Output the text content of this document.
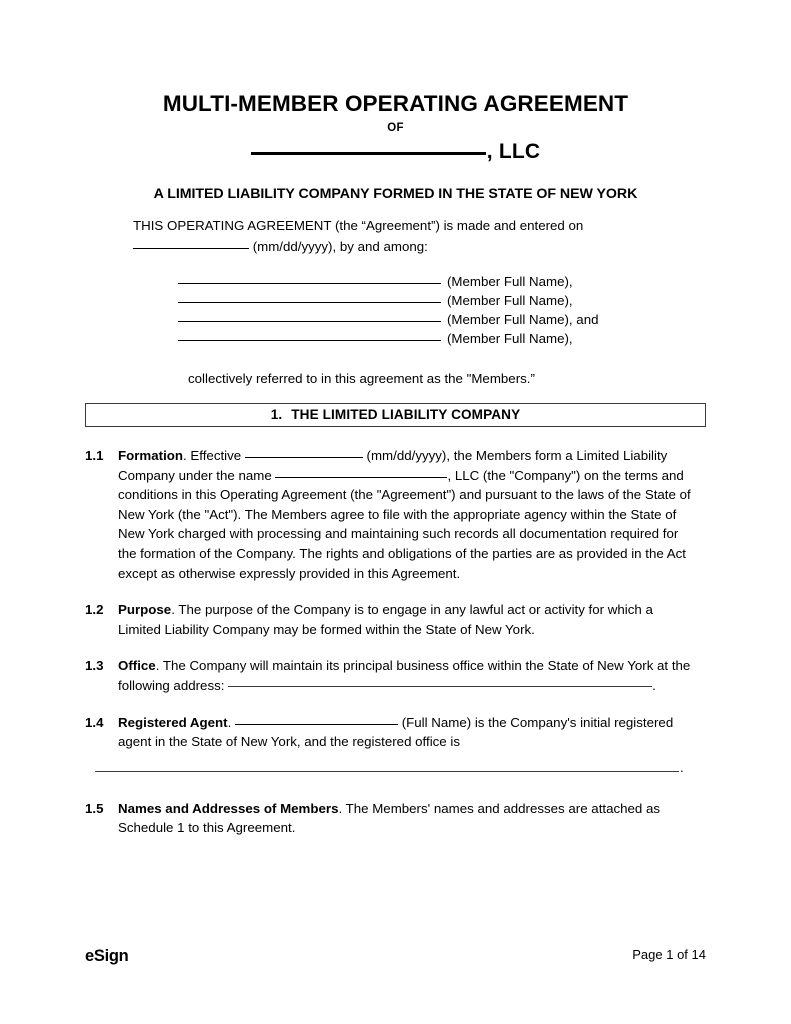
MULTI-MEMBER OPERATING AGREEMENT

OF

, LLC

A LIMITED LIABILITY COMPANY FORMED IN THE STATE OF NEW YORK

THIS OPERATING AGREEMENT (the “Agreement”) is made and entered on
(mm/dd/yyyy), by and among:
(Member Full Name),
(Member Full Name),
(Member Full Name), and
(Member Full Name),
collectively referred to in this agreement as the "Members.”
1. THE LIMITED LIABILITY COMPANY
1.1 Formation. Effective	(mm/dd/yyyy), the Members form a Limited Liability Company under the name	, LLC (the "Company") on the terms and conditions in this Operating Agreement (the "Agreement") and pursuant to the laws of the State of New York (the "Act"). The Members agree to file with the appropriate agency within the State of New York charged with processing and maintaining such records all documentation required for the formation of the Company. The rights and obligations of the parties are as provided in the Act except as otherwise expressly provided in this Agreement.

1.2 Purpose. The purpose of the Company is to engage in any lawful act or activity for which a Limited Liability Company may be formed within the State of New York.

1.3 Office. The Company will maintain its principal business office within the State of New York at the following address:	.

1.4 Registered Agent.	(Full Name) is the Company's initial registered agent in the State of New York, and the registered office is

.
1.5 Names and Addresses of Members. The Members' names and addresses are attached as Schedule 1 to this Agreement.

eSign	Page 1 of 14
